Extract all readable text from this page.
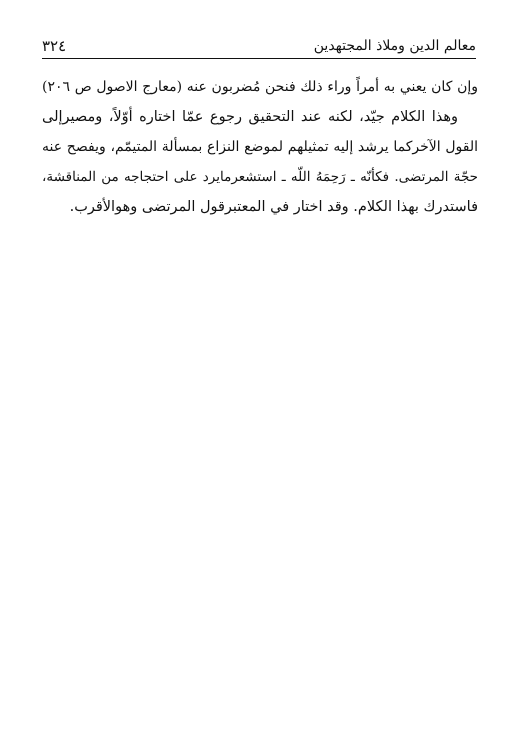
معالم الدين وملاذ المجتهدين
٣٢٤
وإن كان يعني به أمراً وراء ذلك فنحن مُضربون عنه (معارج الاصول ص ٢٠٦)
وهذا الكلام جيّد، لكنه عند التحقيق رجوع عمّا اختاره أوّلاً، ومصيرإلى
القول الآخركما يرشد إليه تمثيلهم لموضع النزاع بمسألة المتيمّم، ويفصح عنه
حجّة المرتضى. فكأنّه ـ رَحِمَهُ اللّه ـ استشعرمايرد على احتجاجه من المناقشة،
فاستدرك بهذا الكلام. وقد اختار في المعتبرقول المرتضى وهوالأقرب.
